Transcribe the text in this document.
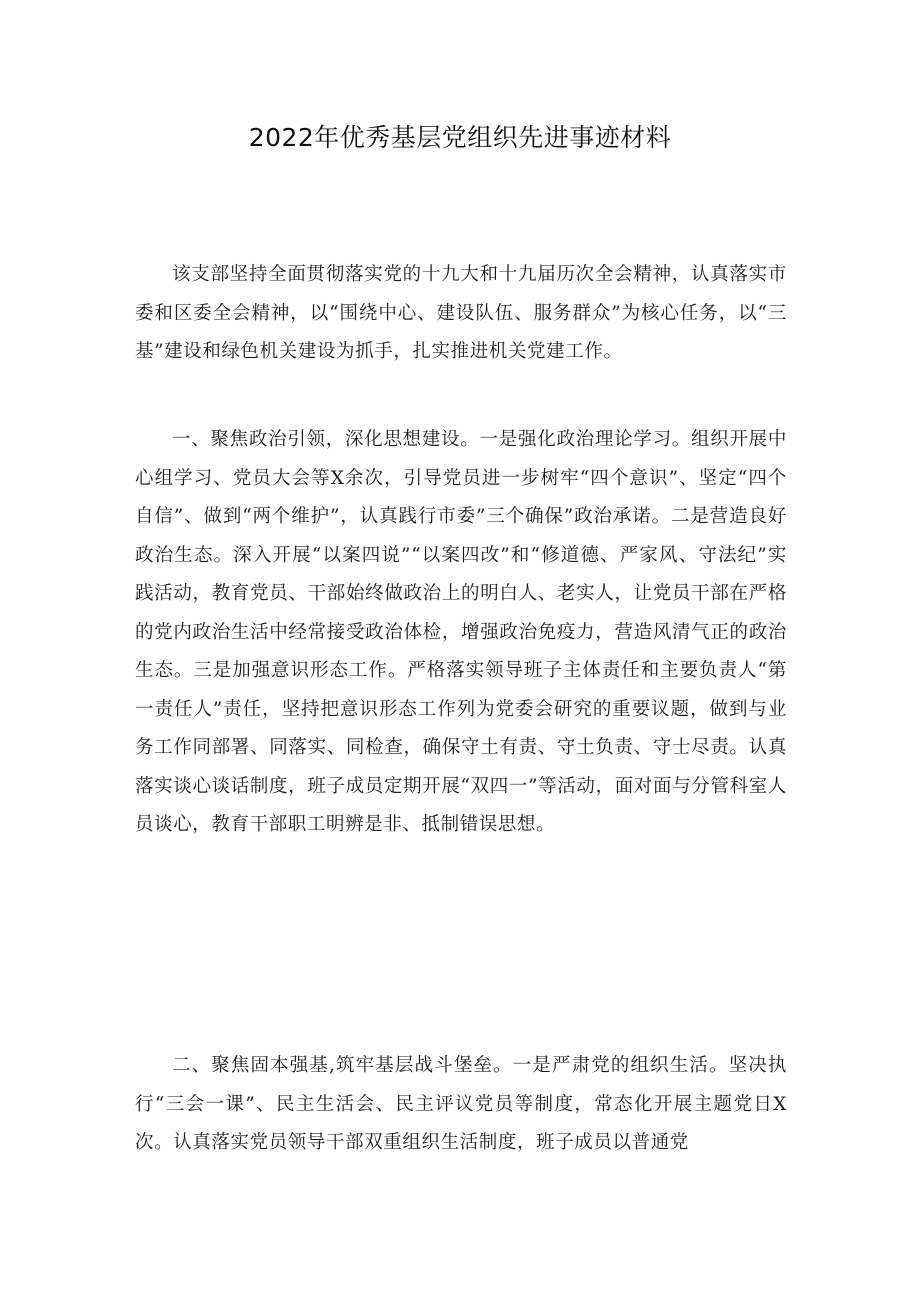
2022年优秀基层党组织先进事迹材料

该支部坚持全面贯彻落实党的十九大和十九届历次全会精神，认真落实市委和区委全会精神，以“围绕中心、建设队伍、服务群众”为核心任务，以“三基”建设和绿色机关建设为抓手，扎实推进机关党建工作。

一、聚焦政治引领，深化思想建设。一是强化政治理论学习。组织开展中心组学习、党员大会等X余次，引导党员进一步树牢“四个意识”、坚定“四个自信”、做到“两个维护”，认真践行市委”三个确保”政治承诺。二是营造良好政治生态。深入开展“以案四说”“以案四改”和“修道德、严家风、守法纪”实践活动，教育党员、干部始终做政治上的明白人、老实人，让党员干部在严格的党内政治生活中经常接受政治体检，增强政治免疫力，营造风清气正的政治生态。三是加强意识形态工作。严格落实领导班子主体责任和主要负责人“第一责任人”责任，坚持把意识形态工作列为党委会研究的重要议题，做到与业务工作同部署、同落实、同检查，确保守土有责、守土负责、守士尽责。认真落实谈心谈话制度，班子成员定期开展“双四一”等活动，面对面与分管科室人员谈心，教育干部职工明辨是非、抵制错误思想。

二、聚焦固本强基,筑牢基层战斗堡垒。一是严肃党的组织生活。坚决执行“三会一课”、民主生活会、民主评议党员等制度，常态化开展主题党日X次。认真落实党员领导干部双重组织生活制度，班子成员以普通党
